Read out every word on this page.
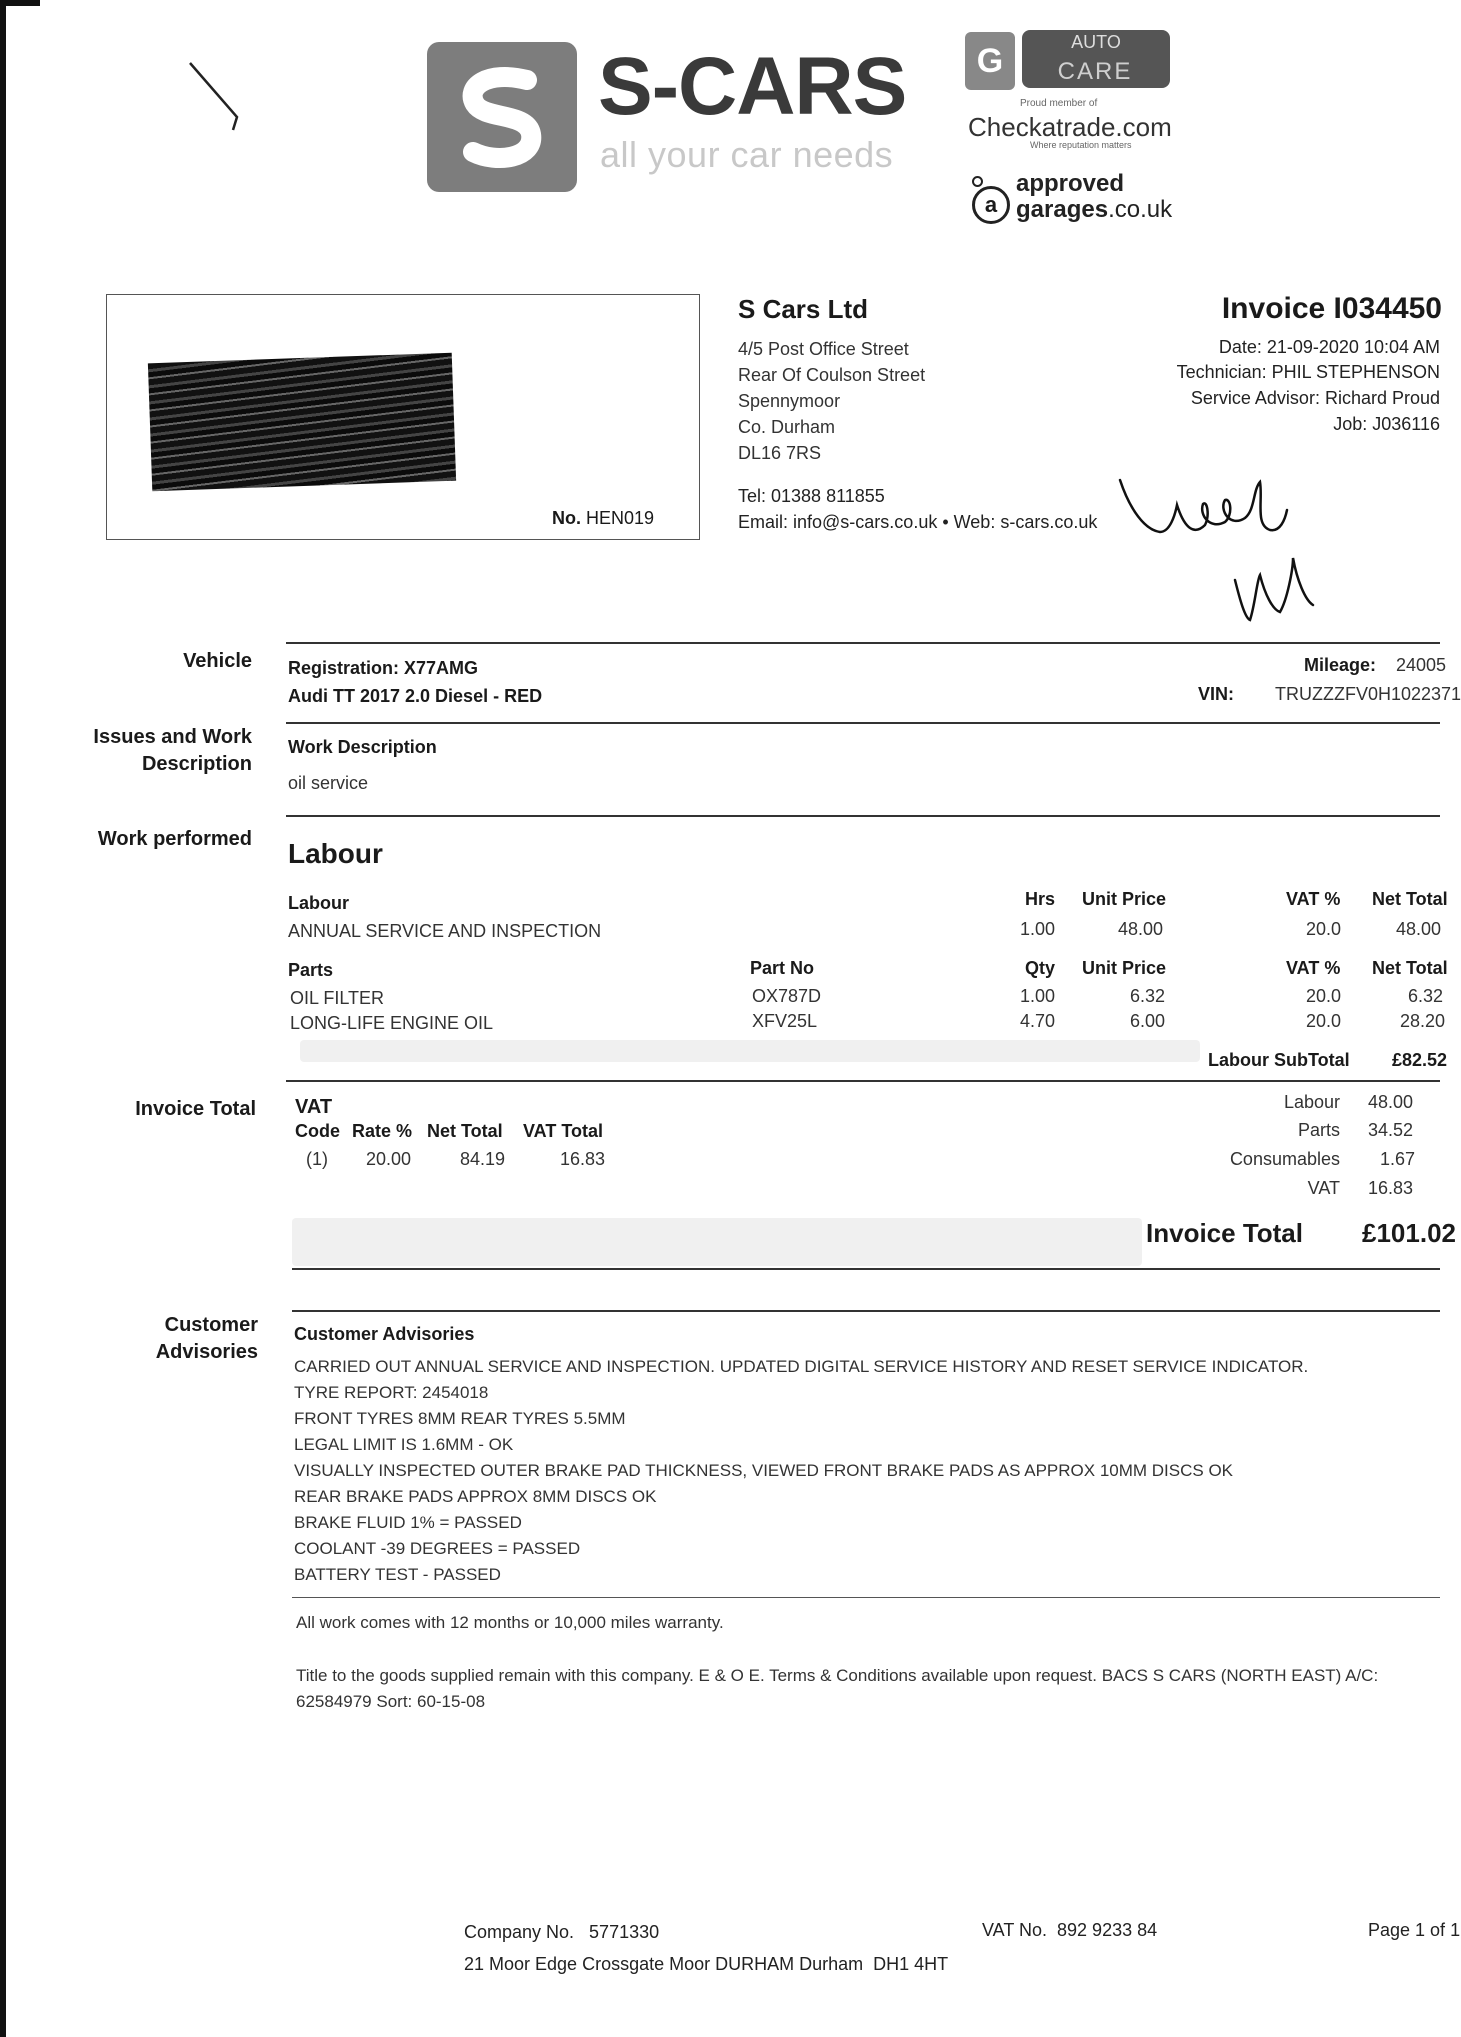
S-CARS
all your car needs
G	AUTO
CARE
Proud member of
Checkatrade.com
Where reputation matters
a
approved
garages.co.uk
No. HEN019
S Cars Ltd
4/5 Post Office Street
Rear Of Coulson Street
Spennymoor
Co. Durham
DL16 7RS
Tel: 01388 811855
Email: info@s-cars.co.uk • Web: s-cars.co.uk
Invoice I034450
Date: 21-09-2020 10:04 AM
Technician: PHIL STEPHENSON
Service Advisor: Richard Proud
Job: J036116
Vehicle Registration: X77AMG
Audi TT 2017 2.0 Diesel - RED
Mileage: 24005
VIN: TRUZZZFV0H1022371
Issues and Work
Description
Work Description
oil service
Work performed Labour
Labour	Hrs Unit Price	VAT % Net Total
ANNUAL SERVICE AND INSPECTION	1.00	48.00	20.0	48.00
Parts	Part No	Qty Unit Price	VAT % Net Total
OIL FILTER	OX787D	1.00	6.32	20.0	6.32
LONG-LIFE ENGINE OIL	XFV25L	4.70	6.00	20.0	28.20
Labour SubTotal £82.52
Invoice Total VAT
Code Rate % Net Total VAT Total
(1) 20.00	84.19	16.83
Labour 48.00
Parts 34.52
Consumables 1.67
VAT 16.83
Invoice Total £101.02
Customer
Advisories
Customer Advisories
CARRIED OUT ANNUAL SERVICE AND INSPECTION. UPDATED DIGITAL SERVICE HISTORY AND RESET SERVICE INDICATOR.
TYRE REPORT: 2454018
FRONT TYRES 8MM REAR TYRES 5.5MM
LEGAL LIMIT IS 1.6MM - OK
VISUALLY INSPECTED OUTER BRAKE PAD THICKNESS, VIEWED FRONT BRAKE PADS AS APPROX 10MM DISCS OK
REAR BRAKE PADS APPROX 8MM DISCS OK
BRAKE FLUID 1% = PASSED
COOLANT -39 DEGREES = PASSED
BATTERY TEST - PASSED
All work comes with 12 months or 10,000 miles warranty.
Title to the goods supplied remain with this company. E & O E. Terms & Conditions available upon request. BACS S CARS (NORTH EAST) A/C:
62584979 Sort: 60-15-08
Company No.   5771330
21 Moor Edge Crossgate Moor DURHAM Durham  DH1 4HT
VAT No.  892 9233 84	Page 1 of 1
